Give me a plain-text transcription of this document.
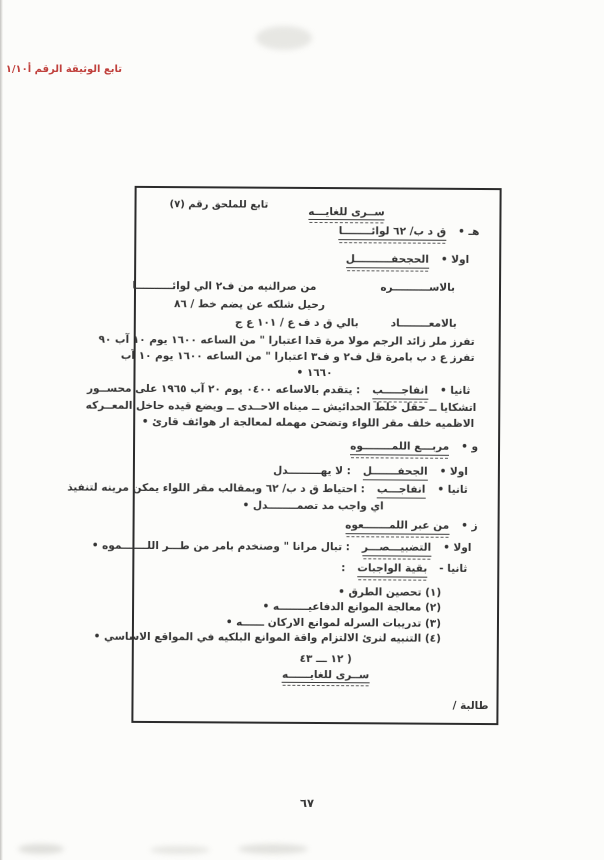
تابع الوثيقة الرقم أ١/١٠
تابع للملحق رقم (٧)
ســرى للغايـــه
هـ •
ق د ب/ ٦٢ لوائــــــــا
اولا •
الحجحفــــــــــل
بالاســــــــــره
من صرالنيه من ف٢ الي لوائــــــــــا
رحيل شلكه عن يضم خط / ٨٦
بالامعــــــــاد
بالي ق د ف ع / ١٠١ ع ج
تفرز ملر زائد الرجم مولا مرة قدا اعتبارا " من الساعه ١٦٠٠ يوم ١٠ آب ٩٠
تفرز ع د ب بامرة قل ف٢ و ف٣ اعتبارا " من الساعه ١٦٠٠ يوم ١٠ آب
١٦٦٠ •
ثانيا •
انفاجـــــب
: يتقدم بالاساعه ٠٤٠٠ يوم ٢٠ آب ١٩٦٥ على محســور
اتشكايا ــ حقل خلط الحدائيش ــ ميناه الاحــدى ــ ويضع قيده حاخل المعــركه
الاظميه خلف مقر اللواء وتضحن مهمله لمعالجة ار هوائف قارئ •
و •
مربـــع اللمــــــــوه
اولا •
الجحفـــــــل
: لا يهـــــــــدل
ثانيا •
انفاجـــب
: احتياط ق د ب/ ٦٢ وبمقالب مقر اللواء يمكن مرينه لتنفيذ
اي واجب مد تصمــــــــدل •
ز •
من عبر اللمـــــــعوه
اولا •
التضبيـــصـــر
: تبال مرانا " وصنخدم بامر من طـــر اللـــــــموه •
ثانيا -
بقية الواجبات
:
(١) تحصين الطرق •
(٢) معالجة الموانع الدفاعيــــــــه •
(٣) تدريبات السرله لموانع الاركان ــــــه •
(٤) التنبيه لنرئ الالتزام واقة الموانع البلكيه في المواقع الاساسي •
( ١٢ ـــ ٤٣
ســرى للغايــــــه
طالبة /
٦٧
